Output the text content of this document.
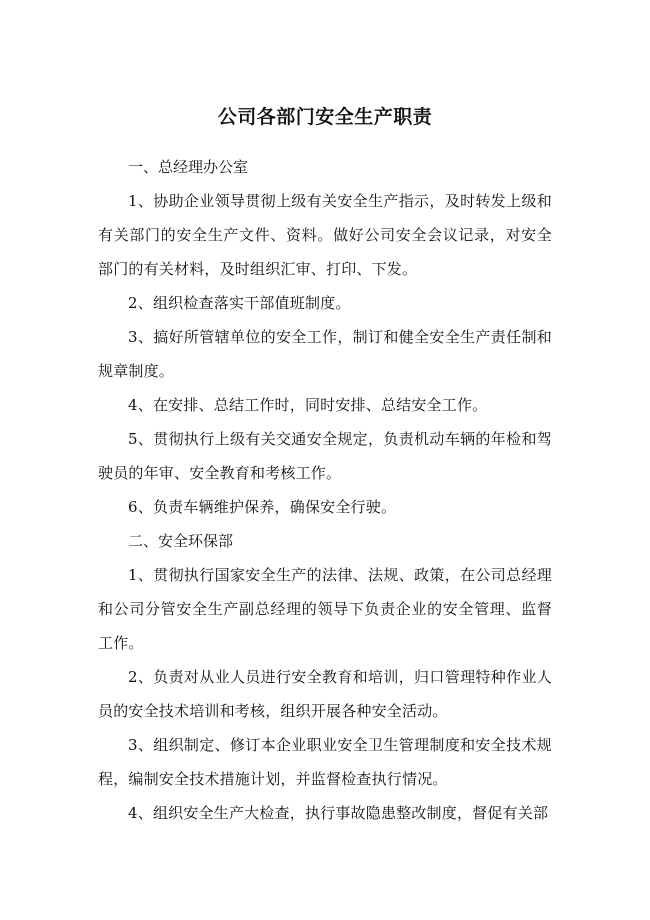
公司各部门安全生产职责

一、总经理办公室

1、协助企业领导贯彻上级有关安全生产指示，及时转发上级和有关部门的安全生产文件、资料。做好公司安全会议记录，对安全部门的有关材料，及时组织汇审、打印、下发。

2、组织检查落实干部值班制度。

3、搞好所管辖单位的安全工作，制订和健全安全生产责任制和规章制度。

4、在安排、总结工作时，同时安排、总结安全工作。

5、贯彻执行上级有关交通安全规定，负责机动车辆的年检和驾驶员的年审、安全教育和考核工作。

6、负责车辆维护保养，确保安全行驶。

二、安全环保部

1、贯彻执行国家安全生产的法律、法规、政策，在公司总经理和公司分管安全生产副总经理的领导下负责企业的安全管理、监督工作。

2、负责对从业人员进行安全教育和培训，归口管理特种作业人员的安全技术培训和考核，组织开展各种安全活动。

3、组织制定、修订本企业职业安全卫生管理制度和安全技术规程，编制安全技术措施计划，并监督检查执行情况。

4、组织安全生产大检查，执行事故隐患整改制度，督促有关部
